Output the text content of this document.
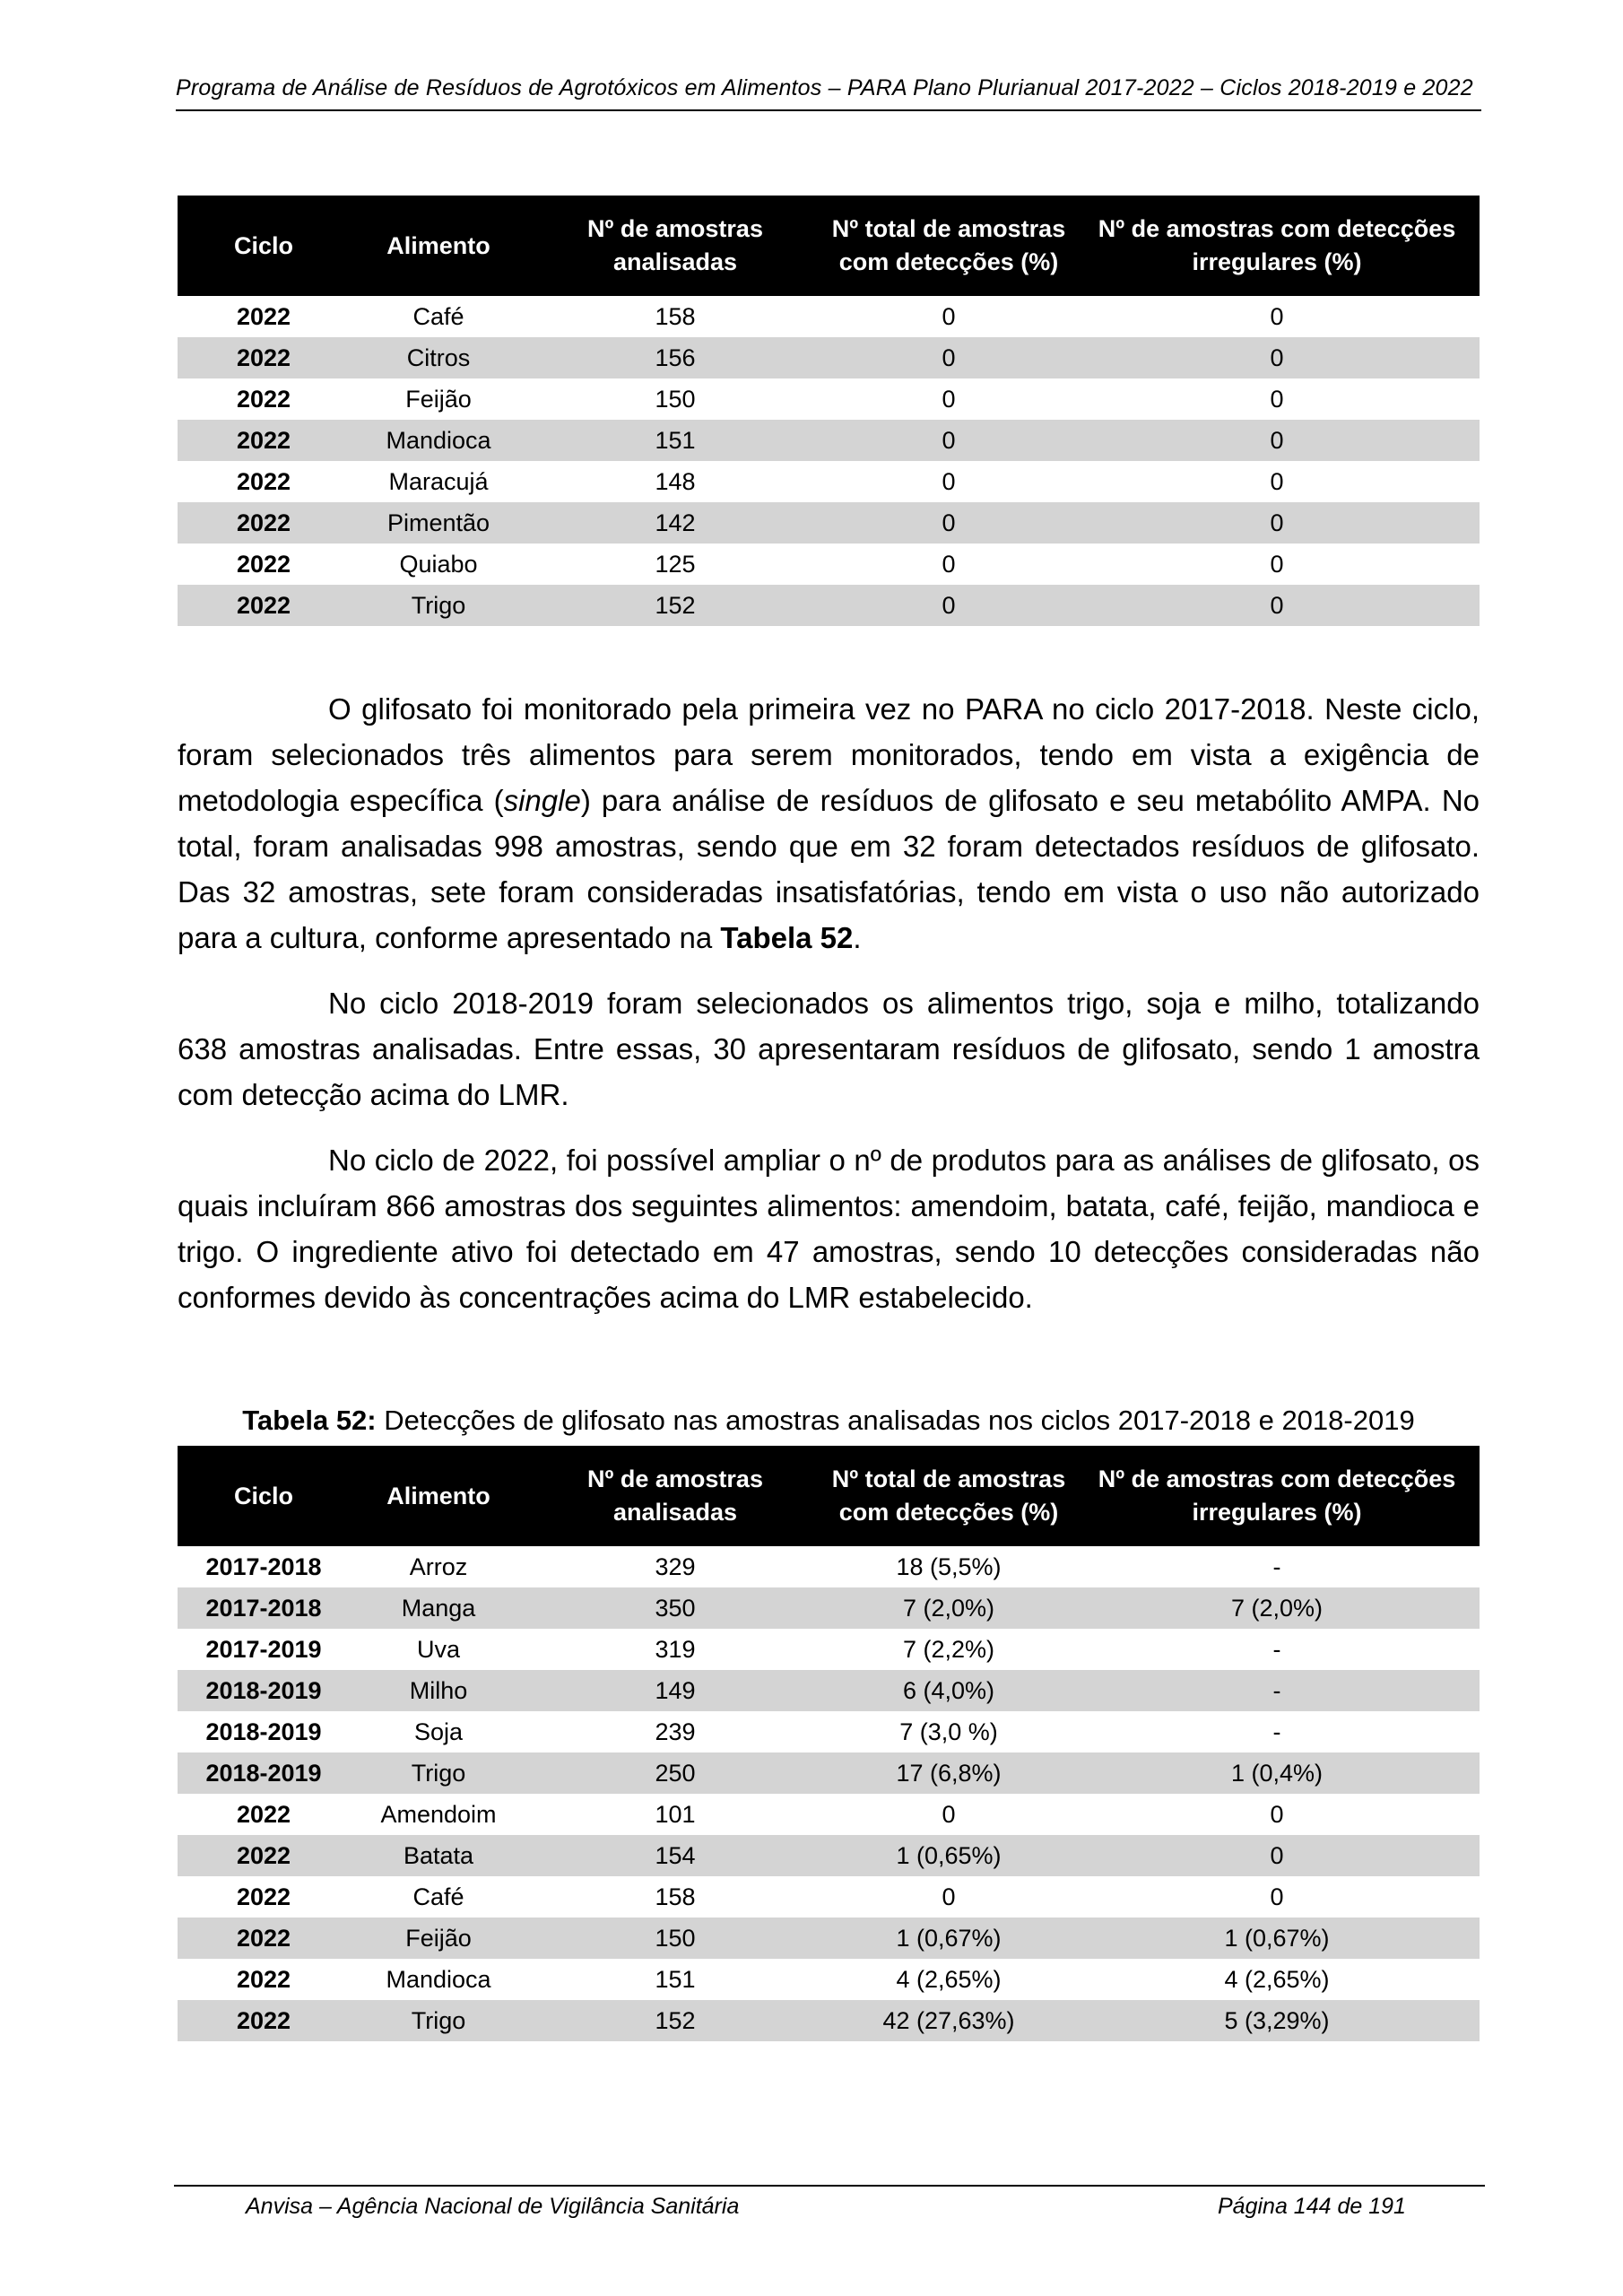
Programa de Análise de Resíduos de Agrotóxicos em Alimentos – PARA Plano Plurianual 2017-2022 – Ciclos 2018-2019 e 2022
Ciclo	Alimento	Nº de amostras analisadas	Nº total de amostras com detecções (%)	Nº de amostras com detecções irregulares (%)
2022	Café	158	0	0
2022	Citros	156	0	0
2022	Feijão	150	0	0
2022	Mandioca	151	0	0
2022	Maracujá	148	0	0
2022	Pimentão	142	0	0
2022	Quiabo	125	0	0
2022	Trigo	152	0	0

O glifosato foi monitorado pela primeira vez no PARA no ciclo 2017-2018. Neste ciclo, foram selecionados três alimentos para serem monitorados, tendo em vista a exigência de metodologia específica (single) para análise de resíduos de glifosato e seu metabólito AMPA. No total, foram analisadas 998 amostras, sendo que em 32 foram detectados resíduos de glifosato. Das 32 amostras, sete foram consideradas insatisfatórias, tendo em vista o uso não autorizado para a cultura, conforme apresentado na Tabela 52.

No ciclo 2018-2019 foram selecionados os alimentos trigo, soja e milho, totalizando 638 amostras analisadas. Entre essas, 30 apresentaram resíduos de glifosato, sendo 1 amostra com detecção acima do LMR.

No ciclo de 2022, foi possível ampliar o nº de produtos para as análises de glifosato, os quais incluíram 866 amostras dos seguintes alimentos: amendoim, batata, café, feijão, mandioca e trigo. O ingrediente ativo foi detectado em 47 amostras, sendo 10 detecções consideradas não conformes devido às concentrações acima do LMR estabelecido.

Tabela 52: Detecções de glifosato nas amostras analisadas nos ciclos 2017-2018 e 2018-2019
Ciclo	Alimento	Nº de amostras analisadas	Nº total de amostras com detecções (%)	Nº de amostras com detecções irregulares (%)
2017-2018	Arroz	329	18 (5,5%)	-
2017-2018	Manga	350	7 (2,0%)	7 (2,0%)
2017-2019	Uva	319	7 (2,2%)	-
2018-2019	Milho	149	6 (4,0%)	-
2018-2019	Soja	239	7 (3,0 %)	-
2018-2019	Trigo	250	17 (6,8%)	1 (0,4%)
2022	Amendoim	101	0	0
2022	Batata	154	1 (0,65%)	0
2022	Café	158	0	0
2022	Feijão	150	1 (0,67%)	1 (0,67%)
2022	Mandioca	151	4 (2,65%)	4 (2,65%)
2022	Trigo	152	42 (27,63%)	5 (3,29%)
Anvisa – Agência Nacional de Vigilância Sanitária	Página 144 de 191
